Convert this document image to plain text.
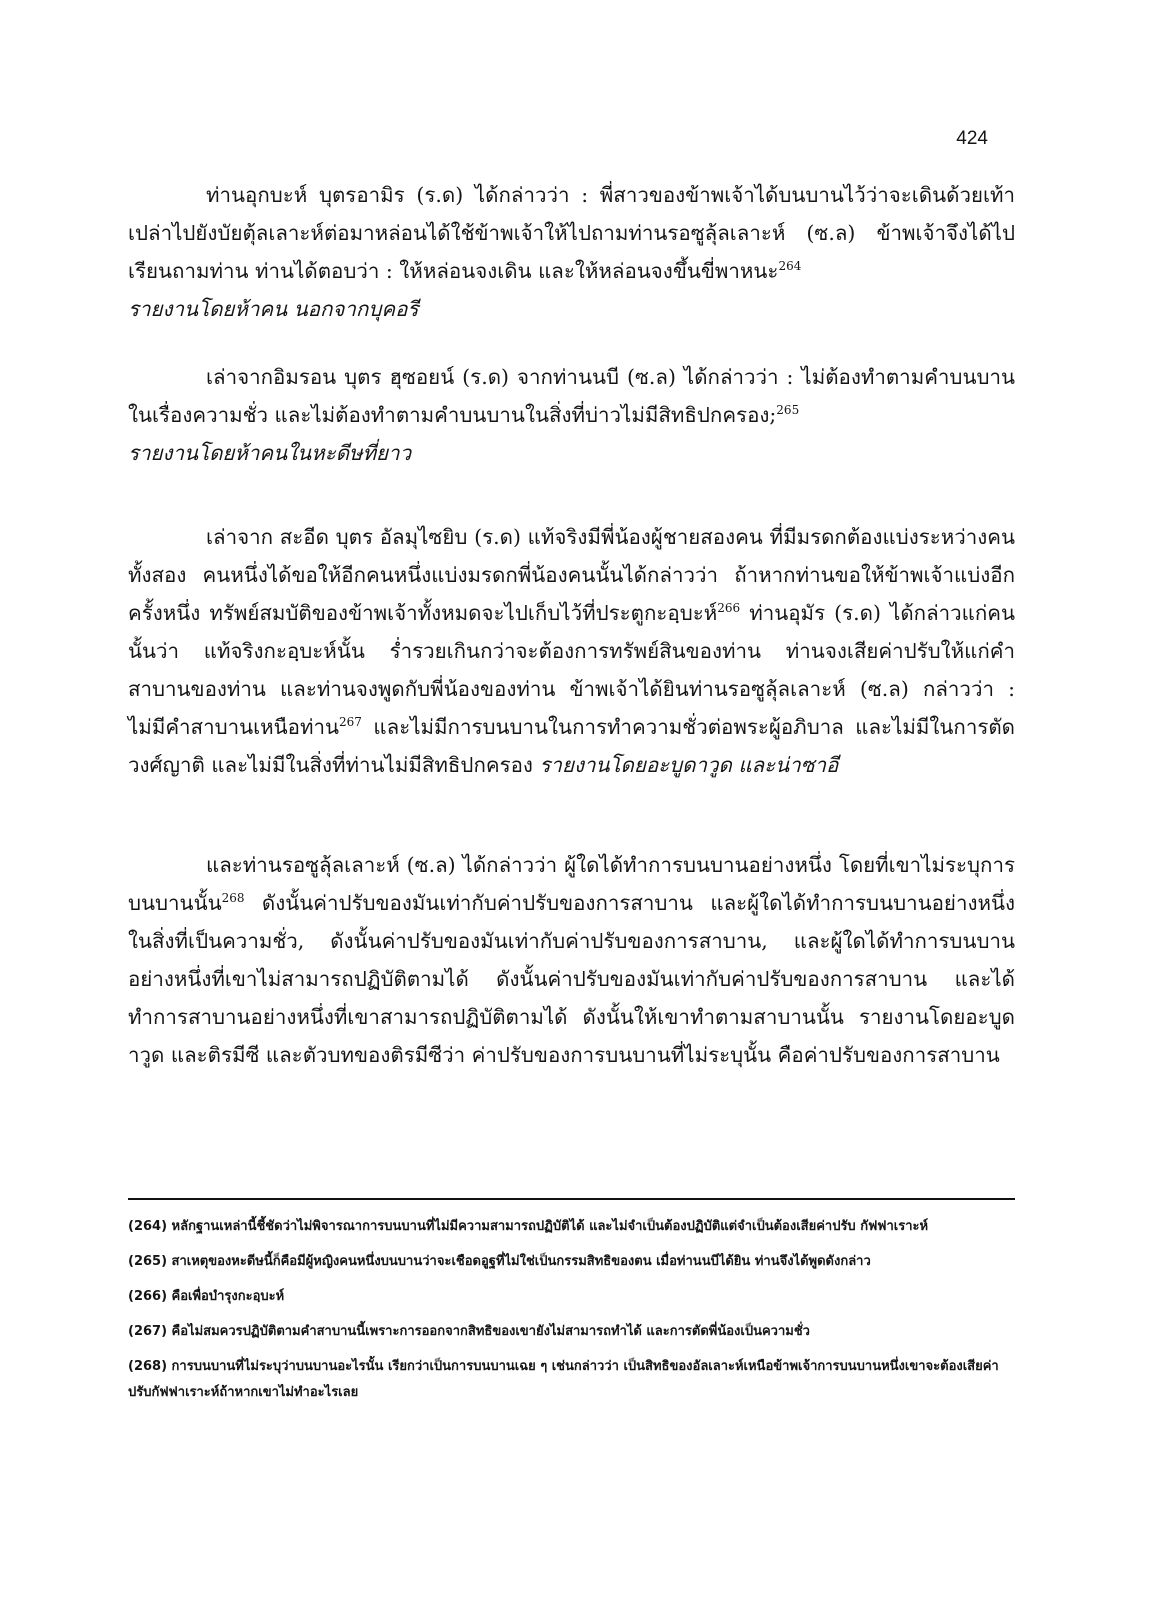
424

ท่านอุกบะห์ บุตรอามิร (ร.ด) ได้กล่าวว่า : พี่สาวของข้าพเจ้าได้บนบานไว้ว่าจะเดินด้วยเท้าเปล่าไปยังบัยตุ้ลเลาะห์ต่อมาหล่อนได้ใช้ข้าพเจ้าให้ไปถามท่านรอซูลุ้ลเลาะห์ (ซ.ล) ข้าพเจ้าจึงได้ไปเรียนถามท่าน ท่านได้ตอบว่า : ให้หล่อนจงเดิน และให้หล่อนจงขึ้นขี่พาหนะ$^{264}$

รายงานโดยห้าคน นอกจากบุคอรี

เล่าจากอิมรอน บุตร ฮุซอยน์ (ร.ด) จากท่านนบี (ซ.ล) ได้กล่าวว่า : ไม่ต้องทำตามคำบนบานในเรื่องความชั่ว และไม่ต้องทำตามคำบนบานในสิ่งที่บ่าวไม่มีสิทธิปกครอง;$^{265}$

รายงานโดยห้าคนในหะดีษที่ยาว

เล่าจาก สะอีด บุตร อัลมุไซยิบ (ร.ด) แท้จริงมีพี่น้องผู้ชายสองคน ที่มีมรดกต้องแบ่งระหว่างคนทั้งสอง คนหนึ่งได้ขอให้อีกคนหนึ่งแบ่งมรดกพี่น้องคนนั้นได้กล่าวว่า ถ้าหากท่านขอให้ข้าพเจ้าแบ่งอีกครั้งหนึ่ง ทรัพย์สมบัติของข้าพเจ้าทั้งหมดจะไปเก็บไว้ที่ประตูกะอฺบะห์$^{266}$ ท่านอุมัร (ร.ด) ได้กล่าวแก่คนนั้นว่า แท้จริงกะอฺบะห์นั้น ร่ำรวยเกินกว่าจะต้องการทรัพย์สินของท่าน ท่านจงเสียค่าปรับให้แก่คำสาบานของท่าน และท่านจงพูดกับพี่น้องของท่าน ข้าพเจ้าได้ยินท่านรอซูลุ้ลเลาะห์ (ซ.ล) กล่าวว่า : ไม่มีคำสาบานเหนือท่าน$^{267}$ และไม่มีการบนบานในการทำความชั่วต่อพระผู้อภิบาล และไม่มีในการตัดวงศ์ญาติ และไม่มีในสิ่งที่ท่านไม่มีสิทธิปกครอง รายงานโดยอะบูดาวูด และน่าซาอี

และท่านรอซูลุ้ลเลาะห์ (ซ.ล) ได้กล่าวว่า ผู้ใดได้ทำการบนบานอย่างหนึ่ง โดยที่เขาไม่ระบุการบนบานนั้น$^{268}$ ดังนั้นค่าปรับของมันเท่ากับค่าปรับของการสาบาน และผู้ใดได้ทำการบนบานอย่างหนึ่งในสิ่งที่เป็นความชั่ว, ดังนั้นค่าปรับของมันเท่ากับค่าปรับของการสาบาน, และผู้ใดได้ทำการบนบานอย่างหนึ่งที่เขาไม่สามารถปฏิบัติตามได้ ดังนั้นค่าปรับของมันเท่ากับค่าปรับของการสาบาน และได้ทำการสาบานอย่างหนึ่งที่เขาสามารถปฏิบัติตามได้ ดังนั้นให้เขาทำตามสาบานนั้น รายงานโดยอะบูดาวูด และติรมีซี และตัวบทของติรมีซีว่า ค่าปรับของการบนบานที่ไม่ระบุนั้น คือค่าปรับของการสาบาน

(264) หลักฐานเหล่านี้ชี้ชัดว่าไม่พิจารณาการบนบานที่ไม่มีความสามารถปฏิบัติได้ และไม่จำเป็นต้องปฏิบัติแต่จำเป็นต้องเสียค่าปรับ กัฟฟาเราะห์

(265) สาเหตุของหะดีษนี้ก็คือมีผู้หญิงคนหนึ่งบนบานว่าจะเชือดอูฐที่ไม่ใช่เป็นกรรมสิทธิของตน เมื่อท่านนบีได้ยิน ท่านจึงได้พูดดังกล่าว

(266) คือเพื่อบำรุงกะอฺบะห์

(267) คือไม่สมควรปฏิบัติตามคำสาบานนี้เพราะการออกจากสิทธิของเขายังไม่สามารถทำได้ และการตัดพี่น้องเป็นความชั่ว

(268) การบนบานที่ไม่ระบุว่าบนบานอะไรนั้น เรียกว่าเป็นการบนบานเฉย ๆ เช่นกล่าวว่า เป็นสิทธิของอัลเลาะห์เหนือข้าพเจ้าการบนบานหนึ่งเขาจะต้องเสียค่าปรับกัฟฟาเราะห์ถ้าหากเขาไม่ทำอะไรเลย
